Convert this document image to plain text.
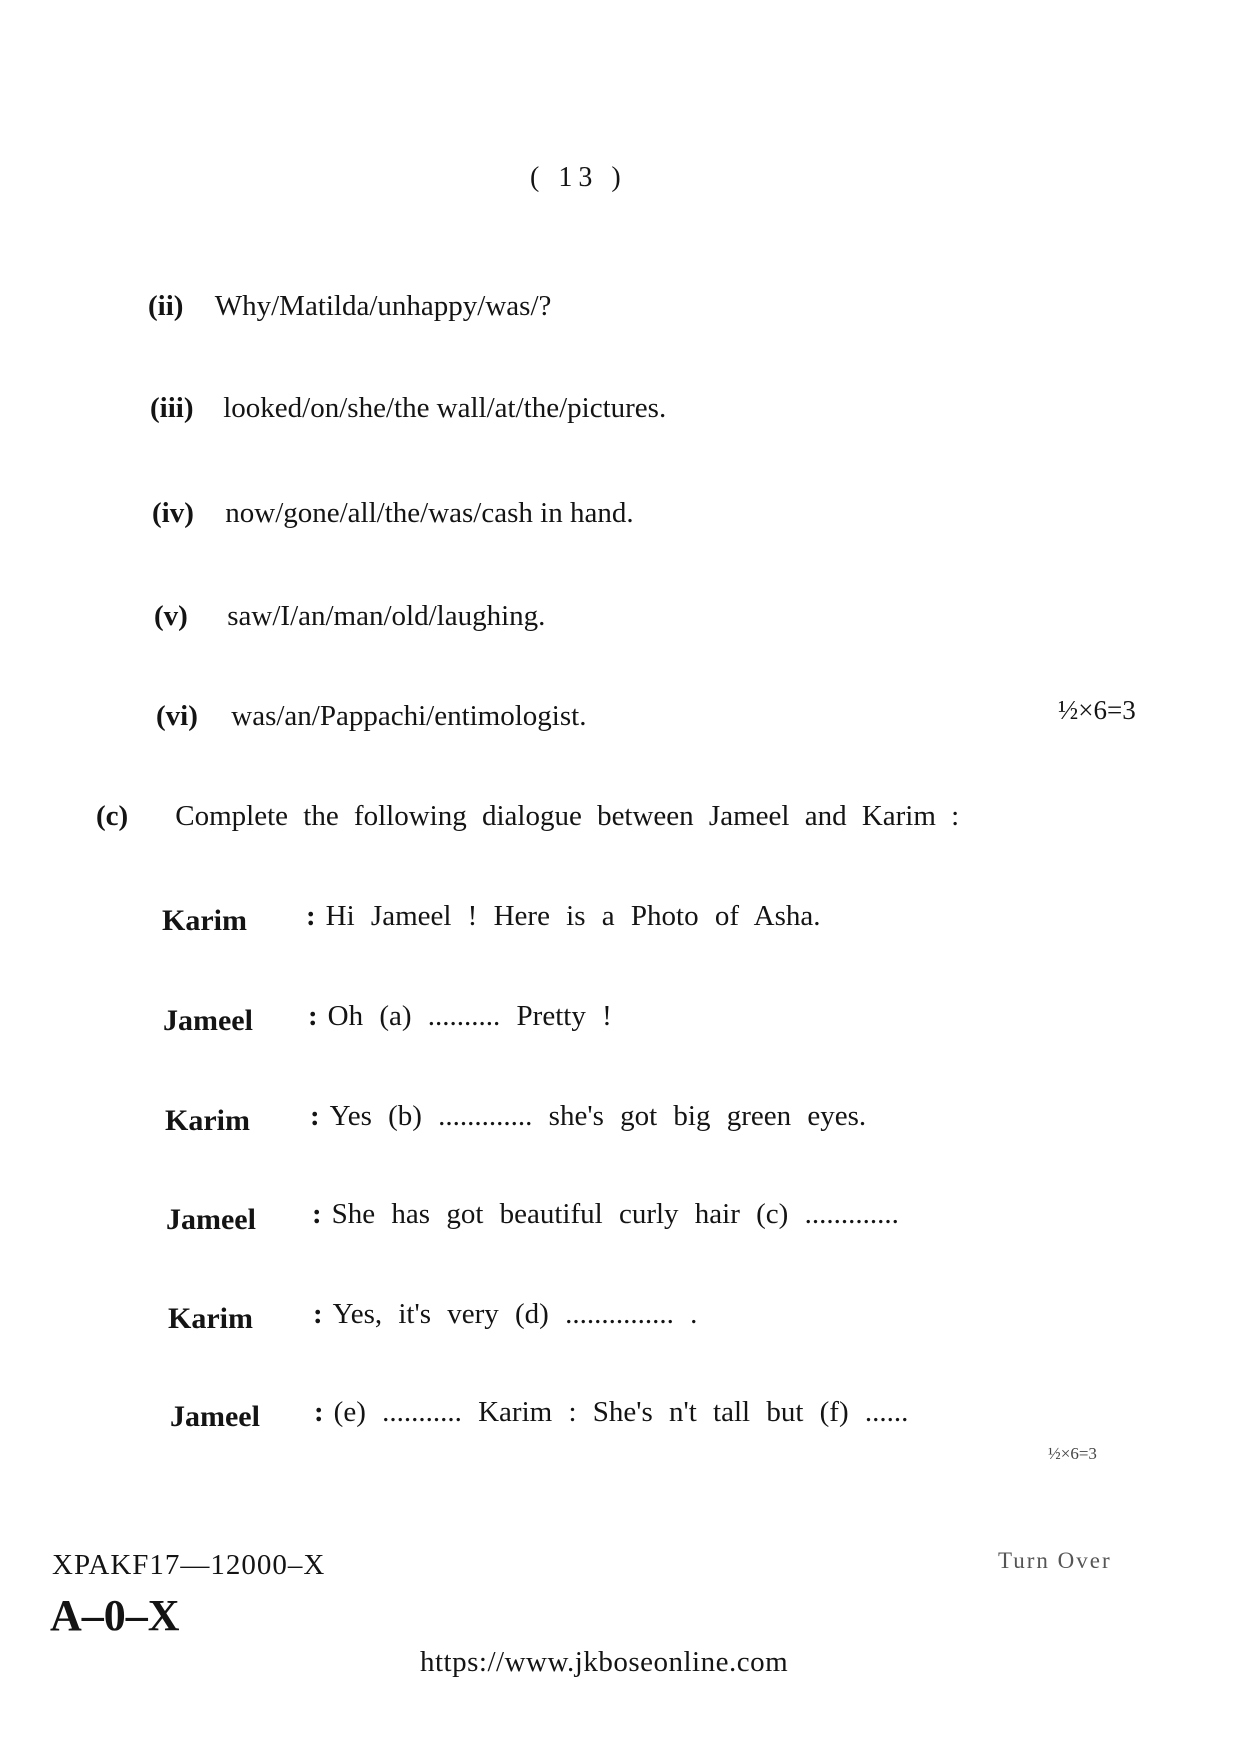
( 13 )
(ii) Why/Matilda/unhappy/was/?
(iii) looked/on/she/the wall/at/the/pictures.
(iv) now/gone/all/the/was/cash in hand.
(v) saw/I/an/man/old/laughing.
(vi) was/an/Pappachi/entimologist.	½×6=3
(c) Complete the following dialogue between Jameel and Karim :
Karim : Hi Jameel ! Here is a Photo of Asha.
Jameel : Oh (a) .......... Pretty !
Karim : Yes (b) ............. she's got big green eyes.
Jameel : She has got beautiful curly hair (c) .............
Karim : Yes, it's very (d) ............... .
Jameel : (e) ........... Karim : She's n't tall but (f) ......
½×6=3
XPAKF17—12000–X
A–0–X
Turn Over
https://www.jkboseonline.com
